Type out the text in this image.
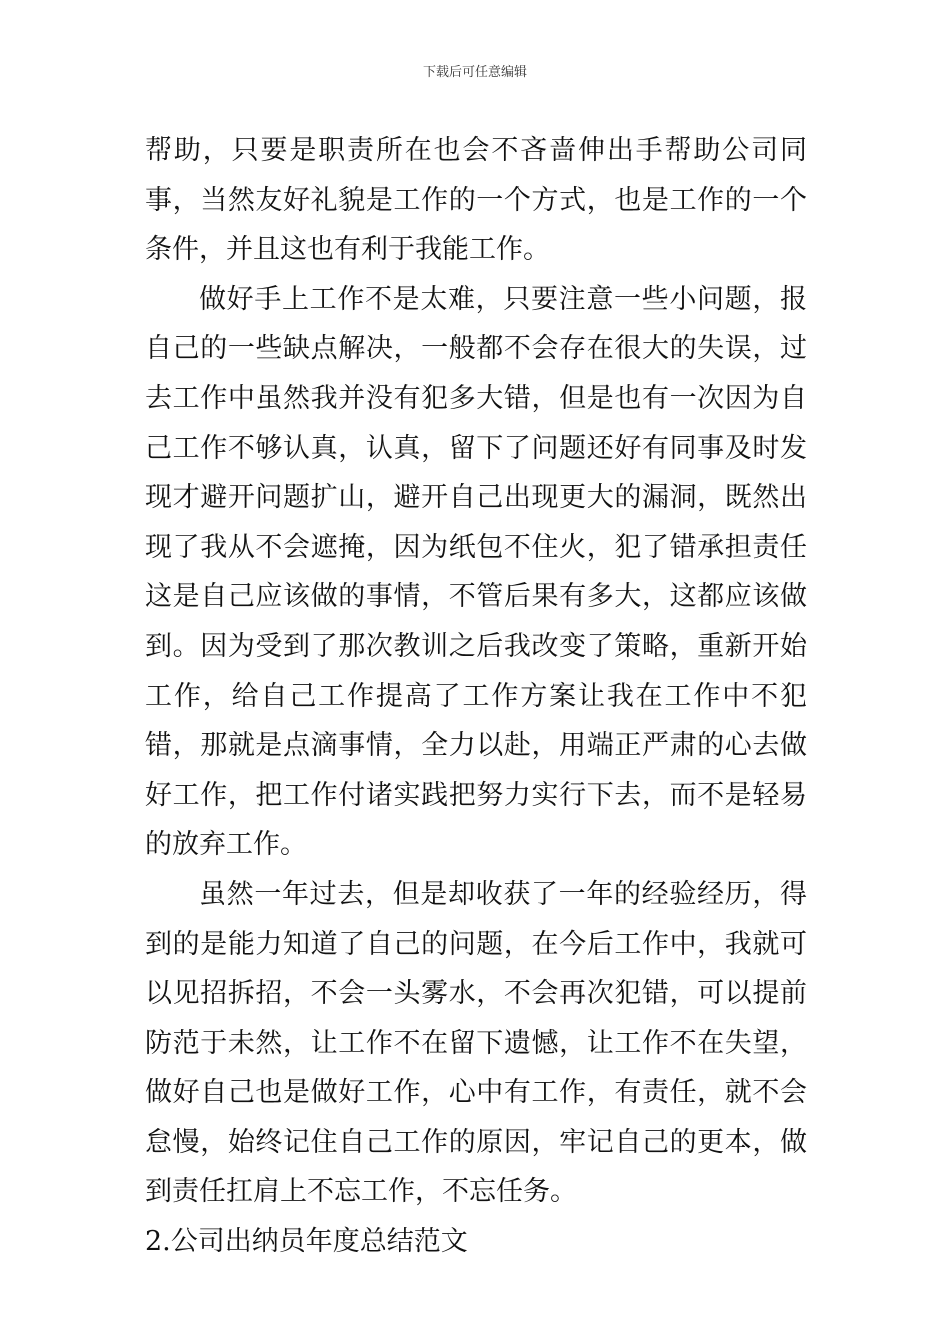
下载后可任意编辑

帮助，只要是职责所在也会不吝啬伸出手帮助公司同事，当然友好礼貌是工作的一个方式，也是工作的一个条件，并且这也有利于我能工作。

做好手上工作不是太难，只要注意一些小问题，报自己的一些缺点解决，一般都不会存在很大的失误，过去工作中虽然我并没有犯多大错，但是也有一次因为自己工作不够认真，认真，留下了问题还好有同事及时发现才避开问题扩山，避开自己出现更大的漏洞，既然出现了我从不会遮掩，因为纸包不住火，犯了错承担责任这是自己应该做的事情，不管后果有多大，这都应该做到。因为受到了那次教训之后我改变了策略，重新开始工作，给自己工作提高了工作方案让我在工作中不犯错，那就是点滴事情，全力以赴，用端正严肃的心去做好工作，把工作付诸实践把努力实行下去，而不是轻易的放弃工作。

虽然一年过去，但是却收获了一年的经验经历，得到的是能力知道了自己的问题，在今后工作中，我就可以见招拆招，不会一头雾水，不会再次犯错，可以提前防范于未然，让工作不在留下遗憾，让工作不在失望，做好自己也是做好工作，心中有工作，有责任，就不会怠慢，始终记住自己工作的原因，牢记自己的更本，做到责任扛肩上不忘工作，不忘任务。

2.公司出纳员年度总结范文
